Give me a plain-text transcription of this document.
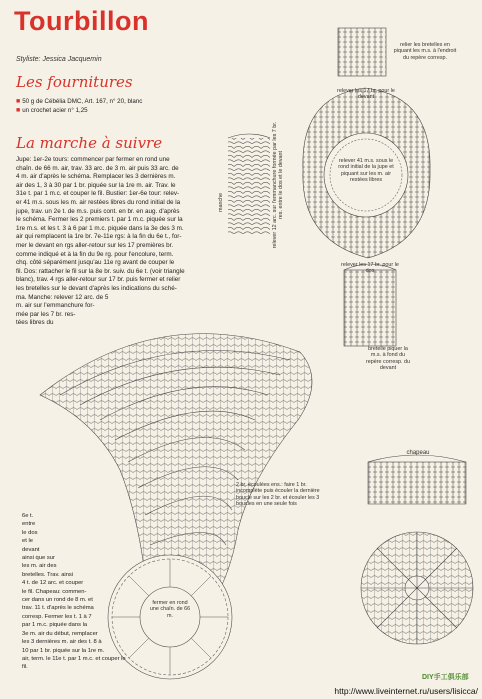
Tourbillon
Styliste: Jessica Jacquemin
Les fournitures
■ 50 g de Cébélia DMC, Art. 167, n° 20, blanc
■ un crochet acier n° 1,25
La marche à suivre
Jupe: 1er-2e tours: commencer par fermer en rond une
chaîn. de 66 m. air, trav. 33 arc. de 3 m. air puis 33 arc. de
4 m. air d'après le schéma. Remplacer les 3 dernières m.
air des 1, 3 à 30 par 1 br. piquée sur la 1re m. air. Trav. le
31e t. par 1 m.c. et couper le fil. Bustier: 1er-6e tour: relev-
er 41 m.s. sous les m. air restées libres du rond initial de la
jupe, trav. un 2e t. de m.s. puis cont. en br. en aug. d'après
le schéma. Fermer les 2 premiers t. par 1 m.c. piquée sur la
1re m.s. et les t. 3 à 6 par 1 m.c. piquée dans la 3e des 3 m.
air qui remplacent la 1re br. 7e-11e rgs: à la fin du 6e t., for-
mer le devant en rgs aller-retour sur les 17 premières br.
comme indiqué et à la fin du 9e rg. pour l'encolure, term.
chq. côté séparément jusqu'au 11e rg avant de couper le
fil. Dos: rattacher le fil sur la 8e br. suiv. du 6e t. (voir triangle
blanc), trav. 4 rgs aller-retour sur 17 br. puis fermer et relier
les bretelles sur le devant d'après les indications du sché-
ma. Manche: relever 12 arc. de 5
m. air sur l'emmanchure for-
mée par les 7 br. res-
tées libres du
6e t.
entre
le dos
et le
devant
ainsi que sur
les m. air des
bretelles. Trav. ainsi
4 t. de 12 arc. et couper
le fil. Chapeau: commen-
cer dans un rond de 8 m. et
trav. 11 t. d'après le schéma
corresp. Fermer les t. 1 à 7
par 1 m.c. piquée dans la
3e m. air du début, remplacer
les 3 dernières m. air des t. 8 à
10 par 1 br. piquée sur la 1re m.
air, term. le 11e t. par 1 m.c. et couper le fil.
relier les bretelles en piquant les m.s. à l'endroit du repère corresp.
relever les 17 br. pour le devant
relever 12 arc. sur l'emmanchure formée par les 7 br. res. entre le dos et le devant	relever 41 m.s. sous le rond initial de la jupe et piquant sur les m. air restées libres
relever les 17 br. pour le dos
bretelle piquer la m.s. à fond du repère corresp. du devant
manche
2 br. écoulées ens.: faire 1 br. incomplète puis écouler la dernière boucle sur les 2 br. et écouler les 3 boucles en une seule fois
chapeau
fermer en rond une chaîn. de 66 m.
DIY手工俱乐部
http://www.liveinternet.ru/users/lisicca/
